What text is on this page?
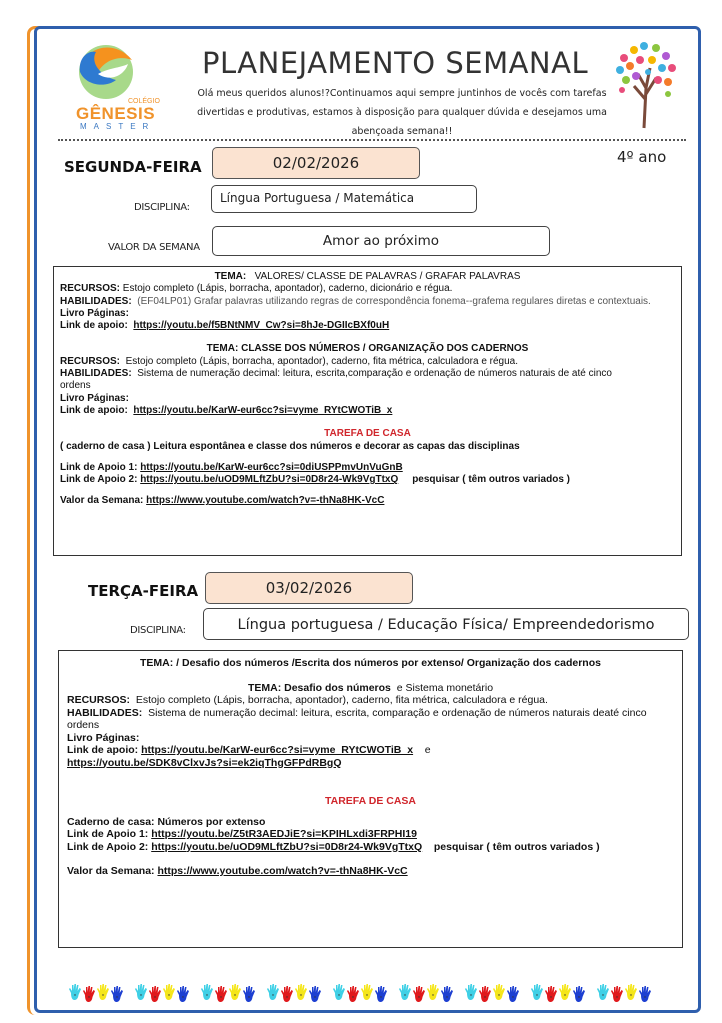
COLÉGIO
GÊNESIS
MASTER
PLANEJAMENTO SEMANAL
Olá meus queridos alunos!?Continuamos aqui sempre juntinhos de vocês com tarefas divertidas e produtivas, estamos à disposição para qualquer dúvida e desejamos uma abençoada semana!!
SEGUNDA-FEIRA	02/02/2026	4º ano
DISCIPLINA:
Língua Portuguesa / Matemática
VALOR DA SEMANA	Amor ao próximo

TEMA: VALORES/ CLASSE DE PALAVRAS / GRAFAR PALAVRAS

RECURSOS: Estojo completo (Lápis, borracha, apontador), caderno, dicionário e régua.

HABILIDADES: (EF04LP01) Grafar palavras utilizando regras de correspondência fonema--grafema regulares diretas e contextuais.

Livro Páginas:

Link de apoio: https://youtu.be/f5BNtNMV_Cw?si=8hJe-DGIIcBXf0uH

TEMA: CLASSE DOS NÚMEROS / ORGANIZAÇÃO DOS CADERNOS

RECURSOS: Estojo completo (Lápis, borracha, apontador), caderno, fita métrica, calculadora e régua.

HABILIDADES: Sistema de numeração decimal: leitura, escrita,comparação e ordenação de números naturais de até cinco ordens

Livro Páginas:

Link de apoio: https://youtu.be/KarW-eur6cc?si=vyme_RYtCWOTiB_x

TAREFA DE CASA

( caderno de casa ) Leitura espontânea e classe dos números e decorar as capas das disciplinas

Link de Apoio 1: https://youtu.be/KarW-eur6cc?si=0diUSPPmvUnVuGnB

Link de Apoio 2: https://youtu.be/uOD9MLftZbU?si=0D8r24-Wk9VgTtxQ pesquisar ( têm outros variados )

Valor da Semana: https://www.youtube.com/watch?v=-thNa8HK-VcC

TERÇA-FEIRA	03/02/2026
DISCIPLINA:	Língua portuguesa / Educação Física/ Empreendedorismo

TEMA: / Desafio dos números /Escrita dos números por extenso/ Organização dos cadernos

TEMA: Desafio dos números e Sistema monetário

RECURSOS: Estojo completo (Lápis, borracha, apontador), caderno, fita métrica, calculadora e régua.

HABILIDADES: Sistema de numeração decimal: leitura, escrita, comparação e ordenação de números naturais deaté cinco ordens

Livro Páginas:

Link de apoio: https://youtu.be/KarW-eur6cc?si=vyme_RYtCWOTiB_x e
https://youtu.be/SDK8vClxvJs?si=ek2iqThgGFPdRBgQ

TAREFA DE CASA

Caderno de casa: Números por extenso

Link de Apoio 1: https://youtu.be/Z5tR3AEDJiE?si=KPIHLxdi3FRPHI19

Link de Apoio 2: https://youtu.be/uOD9MLftZbU?si=0D8r24-Wk9VgTtxQ pesquisar ( têm outros variados )

Valor da Semana: https://www.youtube.com/watch?v=-thNa8HK-VcC
